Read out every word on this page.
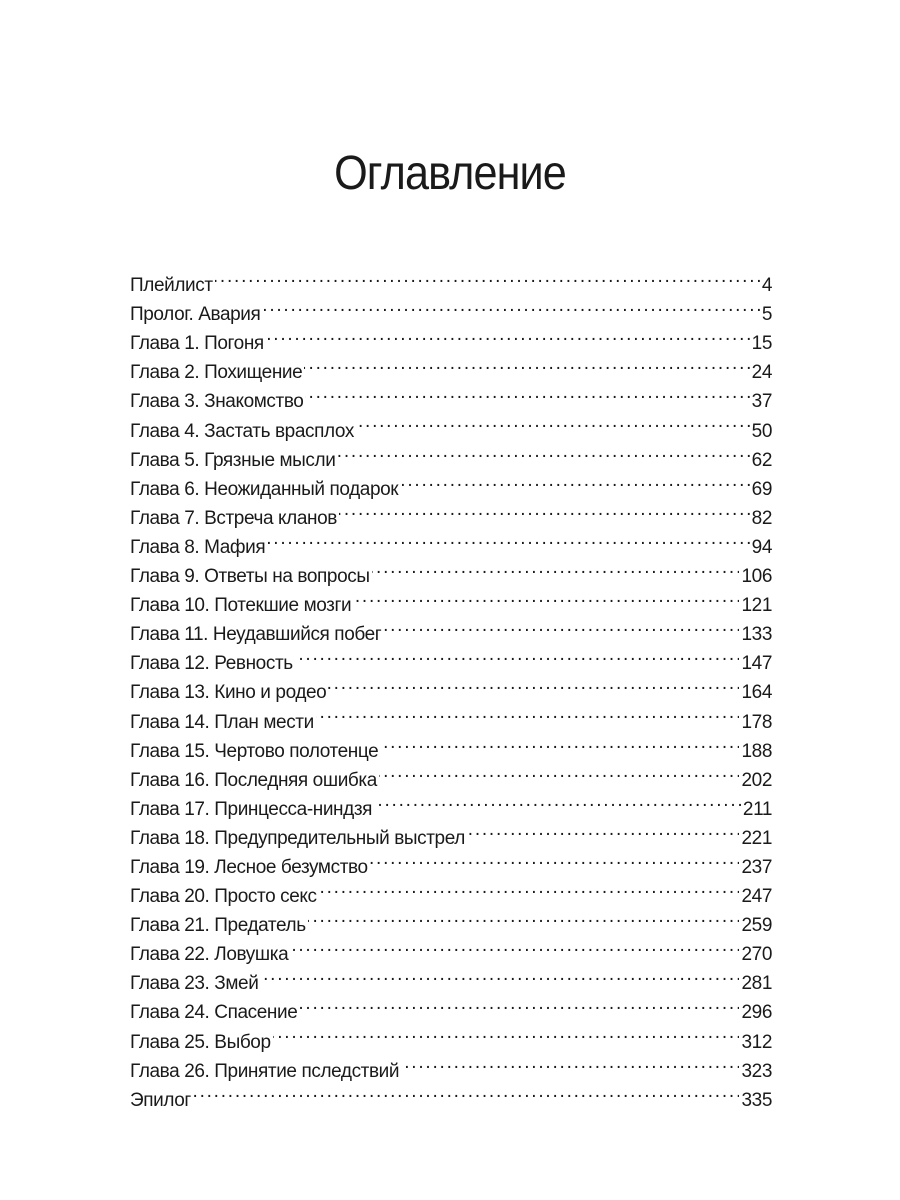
Оглавление
Плейлист . . .	4
Пролог. Авария . . .	5
Глава 1. Погоня . . .	15
Глава 2. Похищение . . .	24
Глава 3. Знакомство . . .	37
Глава 4. Застать врасплох . . .	50
Глава 5. Грязные мысли . . .	62
Глава 6. Неожиданный подарок . . .	69
Глава 7. Встреча кланов . . .	82
Глава 8. Мафия . . .	94
Глава 9. Ответы на вопросы . . .	106
Глава 10. Потекшие мозги . . .	121
Глава 11. Неудавшийся побег . . .	133
Глава 12. Ревность . . .	147
Глава 13. Кино и родео . . .	164
Глава 14. План мести . . .	178
Глава 15. Чертово полотенце . . .	188
Глава 16. Последняя ошибка . . .	202
Глава 17. Принцесса-ниндзя . . .	211
Глава 18. Предупредительный выстрел . . .	221
Глава 19. Лесное безумство . . .	237
Глава 20. Просто секс . . .	247
Глава 21. Предатель . . .	259
Глава 22. Ловушка . . .	270
Глава 23. Змей . . .	281
Глава 24. Спасение . . .	296
Глава 25. Выбор . . .	312
Глава 26. Принятие пследствий . . .	323
Эпилог . . .	335
